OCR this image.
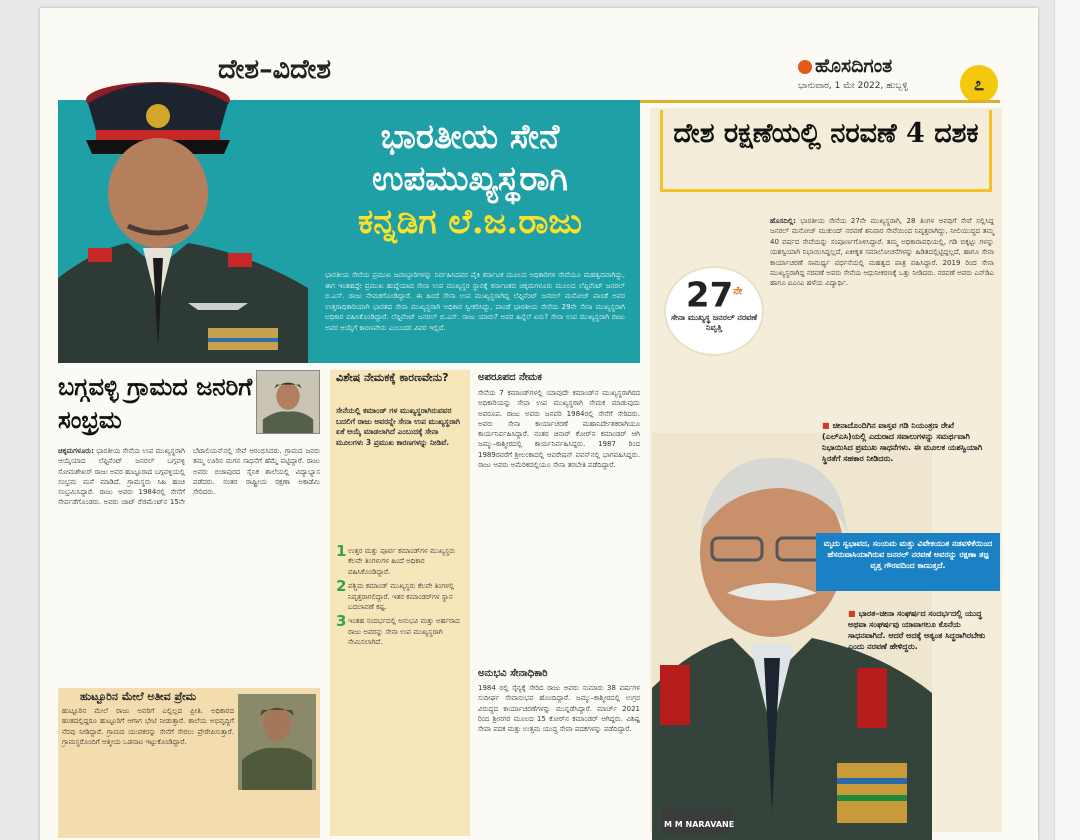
ದೇಶ–ವಿದೇಶ	ಹೊಸದಿಗಂತ
ಭಾನುವಾರ, 1 ಮೇ 2022, ಹುಬ್ಬಳ್ಳಿ	೭
ಭಾರತೀಯ ಸೇನೆ
ಉಪಮುಖ್ಯಸ್ಥರಾಗಿ
ಕನ್ನಡಿಗ ಲೆ.ಜ.ರಾಜು
ಭಾರತೀಯ ಸೇನೆಯ ಪ್ರಮುಖ ಜವಾಬ್ದಾರಿಗಳನ್ನು ನಿರ್ವಹಿಸಿದವರ ಪೈಕಿ ಕರ್ನಾಟಕ ಮೂಲದ ಅಧಿಕಾರಿಗಳ ಸೇವೆಯೂ ಮಹತ್ವದವಾಗಿದ್ದು, ಈಗ ಇಂತಹದ್ದೇ ಪ್ರಮುಖ ಹುದ್ದೆಯಾದ ಸೇನಾ ಉಪ ಮುಖ್ಯಸ್ಥರ ಸ್ಥಾನಕ್ಕೆ ಕರ್ನಾಟಕದ ಚಿಕ್ಕಮಗಳೂರು ಮೂಲದ ಲೆಫ್ಟಿನೆಂಟ್ ಜನರಲ್ ಬಿ.ಎಸ್. ರಾಜು ನೇಮಕಗೊಂಡಿದ್ದಾರೆ. ಈ ಹಿಂದೆ ಸೇನಾ ಉಪ ಮುಖ್ಯಸ್ಥರಾಗಿದ್ದ ಲೆಫ್ಟಿನೆಂಟ್ ಜನರಲ್ ಮನೋಜ್ ಪಾಂಡೆ ಅವರ ಉತ್ತರಾಧಿಕಾರಿಯಾಗಿ ಭಾರತದ ಸೇನಾ ಮುಖ್ಯಸ್ಥರಾಗಿ ಅಧಿಕಾರ ಸ್ವೀಕರಿಸಿದ್ದು, ಪಾಂಡೆ ಭಾರತೀಯ ಸೇನೆಯ 29ನೇ ಸೇನಾ ಮುಖ್ಯಸ್ಥರಾಗಿ ಅಧಿಕಾರ ವಹಿಸಿಕೊಂಡಿದ್ದಾರೆ. ಲೆಫ್ಟಿನೆಂಟ್ ಜನರಲ್ ಬಿ.ಎಸ್. ರಾಜು ಯಾರು? ಅವರ ಹಿನ್ನೆಲೆ ಏನು? ಸೇನಾ ಉಪ ಮುಖ್ಯಸ್ಥರಾಗಿ ರಾಜು ಅವರ ಆಯ್ಕೆಗೆ ಕಾರಣವೇನು ಎಂಬುದರ ವಿವರ ಇಲ್ಲಿದೆ.
ದೇಶ ರಕ್ಷಣೆಯಲ್ಲಿ ನರವಣೆ 4 ದಶಕ
ಹೊಸದಿಲ್ಲಿ: ಭಾರತೀಯ ಸೇನೆಯ 27ನೇ ಮುಖ್ಯಸ್ಥರಾಗಿ, 28 ತಿಂಗಳ ಅವಧಿಗೆ ಸೇವೆ ಸಲ್ಲಿಸಿದ್ದ ಜನರಲ್ ಮನೋಜ್ ಮುಕುಂದ್ ನರವಣೆ ಶನಿವಾರ ಸೇವೆಯಿಂದ ನಿವೃತ್ತರಾಗಿದ್ದು, ನೀಲಿಯುದ್ಧದ ತಮ್ಮ 40 ವರ್ಷದ ಸೇವೆಯನ್ನು ಸಂಪೂರ್ಣಗೊಳಿಸಿದ್ದಾರೆ. ತಮ್ಮ ಅಧಿಕಾರಾವಧಿಯಲ್ಲಿ, ಗಡಿ ಬಿಕ್ಕಟ್ಟು ಗಳನ್ನು ಯಶಸ್ವಿಯಾಗಿ ನಿಭಾಯಿಸಿದ್ದಲ್ಲದೆ, ಏಕೀಕೃತ ಸಮಾಲೋಚನೆಗಳನ್ನು ಹಿಡಿತದಲ್ಲಿಟ್ಟಿದ್ದಲ್ಲದೆ, ಹಾಗೂ ಸೇನಾ ಕಾರ್ಯಾಚರಣೆ ಸಾಮರ್ಥ್ಯ ವರ್ಧನೆಯಲ್ಲಿ ಮಹತ್ವದ ಪಾತ್ರ ವಹಿಸಿದ್ದಾರೆ. 2019 ರಿಂದ ಸೇನಾ ಮುಖ್ಯಸ್ಥರಾಗಿದ್ದ ನರವಣೆ ಅವರು ಸೇನೆಯ ಆಧುನೀಕರಣಕ್ಕೆ ಒತ್ತು ನೀಡಿದರು. ನರವಣೆ ಅವರು ಎನ್‌ಡಿಎ ಹಾಗೂ ಐಎಂಎ ಹಳೆಯ ವಿದ್ಯಾರ್ಥಿ.
$27^{ನೇ}$
ಸೇನಾ ಮುಖ್ಯಸ್ಥ ಜನರಲ್ ನರವಣೆ ನಿವೃತ್ತಿ
M M NARAVANE
■ ಚೀನಾದೊಂದಿಗಿನ ವಾಸ್ತವ ಗಡಿ ನಿಯಂತ್ರಣ ರೇಖೆ (ಎಲ್‌ಎಸಿ)ಯಲ್ಲಿ ಎದುರಾದ ಸವಾಲುಗಳನ್ನು ಸಮರ್ಥವಾಗಿ ನಿಭಾಯಿಸಿದ ಪ್ರಮುಖ ಸಾಧನೆಗಳು. ಈ ಮೂಲಕ ಯಶಸ್ವಿಯಾಗಿ ಸ್ಥಿರತೆಗೆ ಸಹಕಾರ ನೀಡಿದರು.
ಮೃದು ಸ್ವಭಾವದ, ಸಂಯಮ ಮತ್ತು ವಿವೇಕಯುತ ನಡವಳಿಕೆಯಿಂದ ಹೆಸರುವಾಸಿಯಾಗಿರುವ ಜನರಲ್ ನರವಣೆ ಅವರನ್ನು ರಕ್ಷಣಾ ತಜ್ಞ ವೃತ್ತ ಗೌರವದಿಂದ ಕಾಣುತ್ತದೆ.
■ ಭಾರತ–ಚೀನಾ ಸಂಘರ್ಷದ ಸಂದರ್ಭದಲ್ಲಿ ಯುದ್ಧ ಅಥವಾ ಸಂಘರ್ಷವು ಯಾವಾಗಲೂ ಕೊನೆಯ ಸಾಧನವಾಗಿದೆ. ಆದರೆ ಅದಕ್ಕೆ ಅತ್ಯಂತ ಸಿದ್ಧರಾಗಿರಬೇಕು ಎಂದು ನರವಣೆ ಹೇಳಿದ್ದರು.
ಬಗ್ಗವಳ್ಳಿ ಗ್ರಾಮದ ಜನರಿಗೆ ಸಂಭ್ರಮ
ಚಿಕ್ಕಮಗಳೂರು: ಭಾರತೀಯ ಸೇನೆಯ ಉಪ ಮುಖ್ಯಸ್ಥರಾಗಿ ಆಯ್ಕೆಯಾದ ಲೆಫ್ಟಿನೆಂಟ್ ಜನರಲ್ ಬಗ್ಗವಳ್ಳಿ ಸೋಮಶೇಖರ್ ರಾಜು ಅವರ ಹುಟ್ಟೂರಾದ ಬಗ್ಗವಳ್ಳಿಯಲ್ಲಿ ಸಂಭ್ರಮ ಮನೆ ಮಾಡಿದೆ. ಗ್ರಾಮಸ್ಥರು ಸಿಹಿ ಹಂಚಿ ಸಂಭ್ರಮಿಸಿದ್ದಾರೆ. ರಾಜು ಅವರು 1984ರಲ್ಲಿ ಸೇನೆಗೆ ಸೇರ್ಪಡೆಗೊಂಡರು. ಅವರು ಜಾಟ್ ರೆಜಿಮೆಂಟ್‌ನ 15ನೇ ಬೆಟಾಲಿಯನ್‌ನಲ್ಲಿ ಸೇವೆ ಆರಂಭಿಸಿದರು. ಗ್ರಾಮದ ಜನರು ತಮ್ಮ ಊರಿನ ಮಗನ ಸಾಧನೆಗೆ ಹೆಮ್ಮೆ ಪಟ್ಟಿದ್ದಾರೆ. ರಾಜು ಅವರು ಬಿಜಾಪುರದ ಸೈನಿಕ ಶಾಲೆಯಲ್ಲಿ ವಿದ್ಯಾಭ್ಯಾಸ ಪಡೆದರು. ನಂತರ ರಾಷ್ಟ್ರೀಯ ರಕ್ಷಣಾ ಅಕಾಡೆಮಿ ಸೇರಿದರು.
ಹುಟ್ಟೂರಿನ ಮೇಲೆ ಅತೀವ ಪ್ರೇಮ
ಹುಟ್ಟೂರಿನ ಮೇಲೆ ರಾಜು ಅವರಿಗೆ ಎಲ್ಲಿಲ್ಲದ ಪ್ರೀತಿ. ಅಧಿಕಾರದ ಹಂತದಲ್ಲಿದ್ದರೂ ಹುಟ್ಟೂರಿಗೆ ಆಗಾಗ ಭೇಟಿ ನೀಡುತ್ತಾರೆ. ಶಾಲೆಯ ಅಭಿವೃದ್ಧಿಗೆ ನೆರವು ನೀಡಿದ್ದಾರೆ. ಗ್ರಾಮದ ಯುವಕರನ್ನು ಸೇನೆಗೆ ಸೇರಲು ಪ್ರೇರೇಪಿಸುತ್ತಾರೆ. ಗ್ರಾಮಸ್ಥರೊಂದಿಗೆ ಆತ್ಮೀಯ ಒಡನಾಟ ಇಟ್ಟುಕೊಂಡಿದ್ದಾರೆ.
ವಿಶೇಷ ನೇಮಕಕ್ಕೆ ಕಾರಣವೇನು?
ಸೇನೆಯಲ್ಲಿ ಕಮಾಂಡ್ ಗಳ ಮುಖ್ಯಸ್ಥರಾಗಿರುವವರ ಬದಲಿಗೆ ರಾಜು ಅವರನ್ನೇ ಸೇನಾ ಉಪ ಮುಖ್ಯಸ್ಥರಾಗಿ ಏಕೆ ಆಯ್ಕೆ ಮಾಡಲಾಗಿದೆ ಎಂಬುದಕ್ಕೆ ಸೇನಾ ಮೂಲಗಳು 3 ಪ್ರಮುಖ ಕಾರಣಗಳನ್ನು ನೀಡಿವೆ.
1 ಉತ್ತರ ಮತ್ತು ಪೂರ್ವ ಕಮಾಂಡ್‌ಗಳ ಮುಖ್ಯಸ್ಥರು ಕೆಲವೇ ತಿಂಗಳುಗಳ ಹಿಂದೆ ಅಧಿಕಾರ ವಹಿಸಿಕೊಂಡಿದ್ದಾರೆ.
2 ಪಶ್ಚಿಮ ಕಮಾಂಡ್ ಮುಖ್ಯಸ್ಥರು ಕೆಲವೇ ತಿಂಗಳಲ್ಲಿ ನಿವೃತ್ತರಾಗಲಿದ್ದಾರೆ. ಇತರ ಕಮಾಂಡರ್‌ಗಳ ಸ್ಥಾನ ಬದಲಾವಣೆ ಕಷ್ಟ.
3 ಇಂತಹ ಸಂದರ್ಭದಲ್ಲಿ ಅನುಭವಿ ಮತ್ತು ಅರ್ಹರಾದ ರಾಜು ಅವರನ್ನು ಸೇನಾ ಉಪ ಮುಖ್ಯಸ್ಥರಾಗಿ ನೇಮಿಸಲಾಗಿದೆ.
ಅಪರೂಪದ ನೇಮಕ
ಸೇನೆಯ 7 ಕಮಾಂಡ್‌ಗಳಲ್ಲಿ ಯಾವುದೇ ಕಮಾಂಡ್‌ನ ಮುಖ್ಯಸ್ಥರಾಗಿರದ ಅಧಿಕಾರಿಯನ್ನು ಸೇನಾ ಉಪ ಮುಖ್ಯಸ್ಥರಾಗಿ ನೇಮಕ ಮಾಡುವುದು ಅಪರೂಪ. ರಾಜು ಅವರು ಜನವರಿ 1984ರಲ್ಲಿ ಸೇನೆಗೆ ಸೇರಿದರು. ಅವರು ಸೇನಾ ಕಾರ್ಯಾಚರಣೆ ಮಹಾನಿರ್ದೇಶಕರಾಗಿಯೂ ಕಾರ್ಯನಿರ್ವಹಿಸಿದ್ದಾರೆ. ನಂತರ ಚಿನಾರ್ ಕೋರ್‌ನ ಕಮಾಂಡರ್ ಆಗಿ ಜಮ್ಮು–ಕಾಶ್ಮೀರದಲ್ಲಿ ಕಾರ್ಯನಿರ್ವಹಿಸಿದ್ದರು. 1987 ರಿಂದ 1989ರವರೆಗೆ ಶ್ರೀಲಂಕಾದಲ್ಲಿ ಆಪರೇಷನ್ ಪವನ್‌ನಲ್ಲಿ ಭಾಗವಹಿಸಿದ್ದರು. ರಾಜು ಅವರು ಅಮೆರಿಕದಲ್ಲಿಯೂ ಸೇನಾ ತರಬೇತಿ ಪಡೆದಿದ್ದಾರೆ.
ಅನುಭವಿ ಸೇನಾಧಿಕಾರಿ
1984 ರಲ್ಲಿ ಸೈನ್ಯಕ್ಕೆ ಸೇರಿದ ರಾಜು ಅವರು ಸುಮಾರು 38 ವರ್ಷಗಳ ಸುದೀರ್ಘ ಸೇವಾನುಭವ ಹೊಂದಿದ್ದಾರೆ. ಜಮ್ಮು–ಕಾಶ್ಮೀರದಲ್ಲಿ ಉಗ್ರರ ವಿರುದ್ಧದ ಕಾರ್ಯಾಚರಣೆಗಳನ್ನು ಮುನ್ನಡೆಸಿದ್ದಾರೆ. ಮಾರ್ಚ್ 2021 ರಿಂದ ಶ್ರೀನಗರ ಮೂಲದ 15 ಕೋರ್‌ನ ಕಮಾಂಡರ್ ಆಗಿದ್ದರು. ವಿಶಿಷ್ಟ ಸೇವಾ ಪದಕ ಮತ್ತು ಉತ್ತಮ ಯುದ್ಧ ಸೇವಾ ಪದಕಗಳನ್ನು ಪಡೆದಿದ್ದಾರೆ.
